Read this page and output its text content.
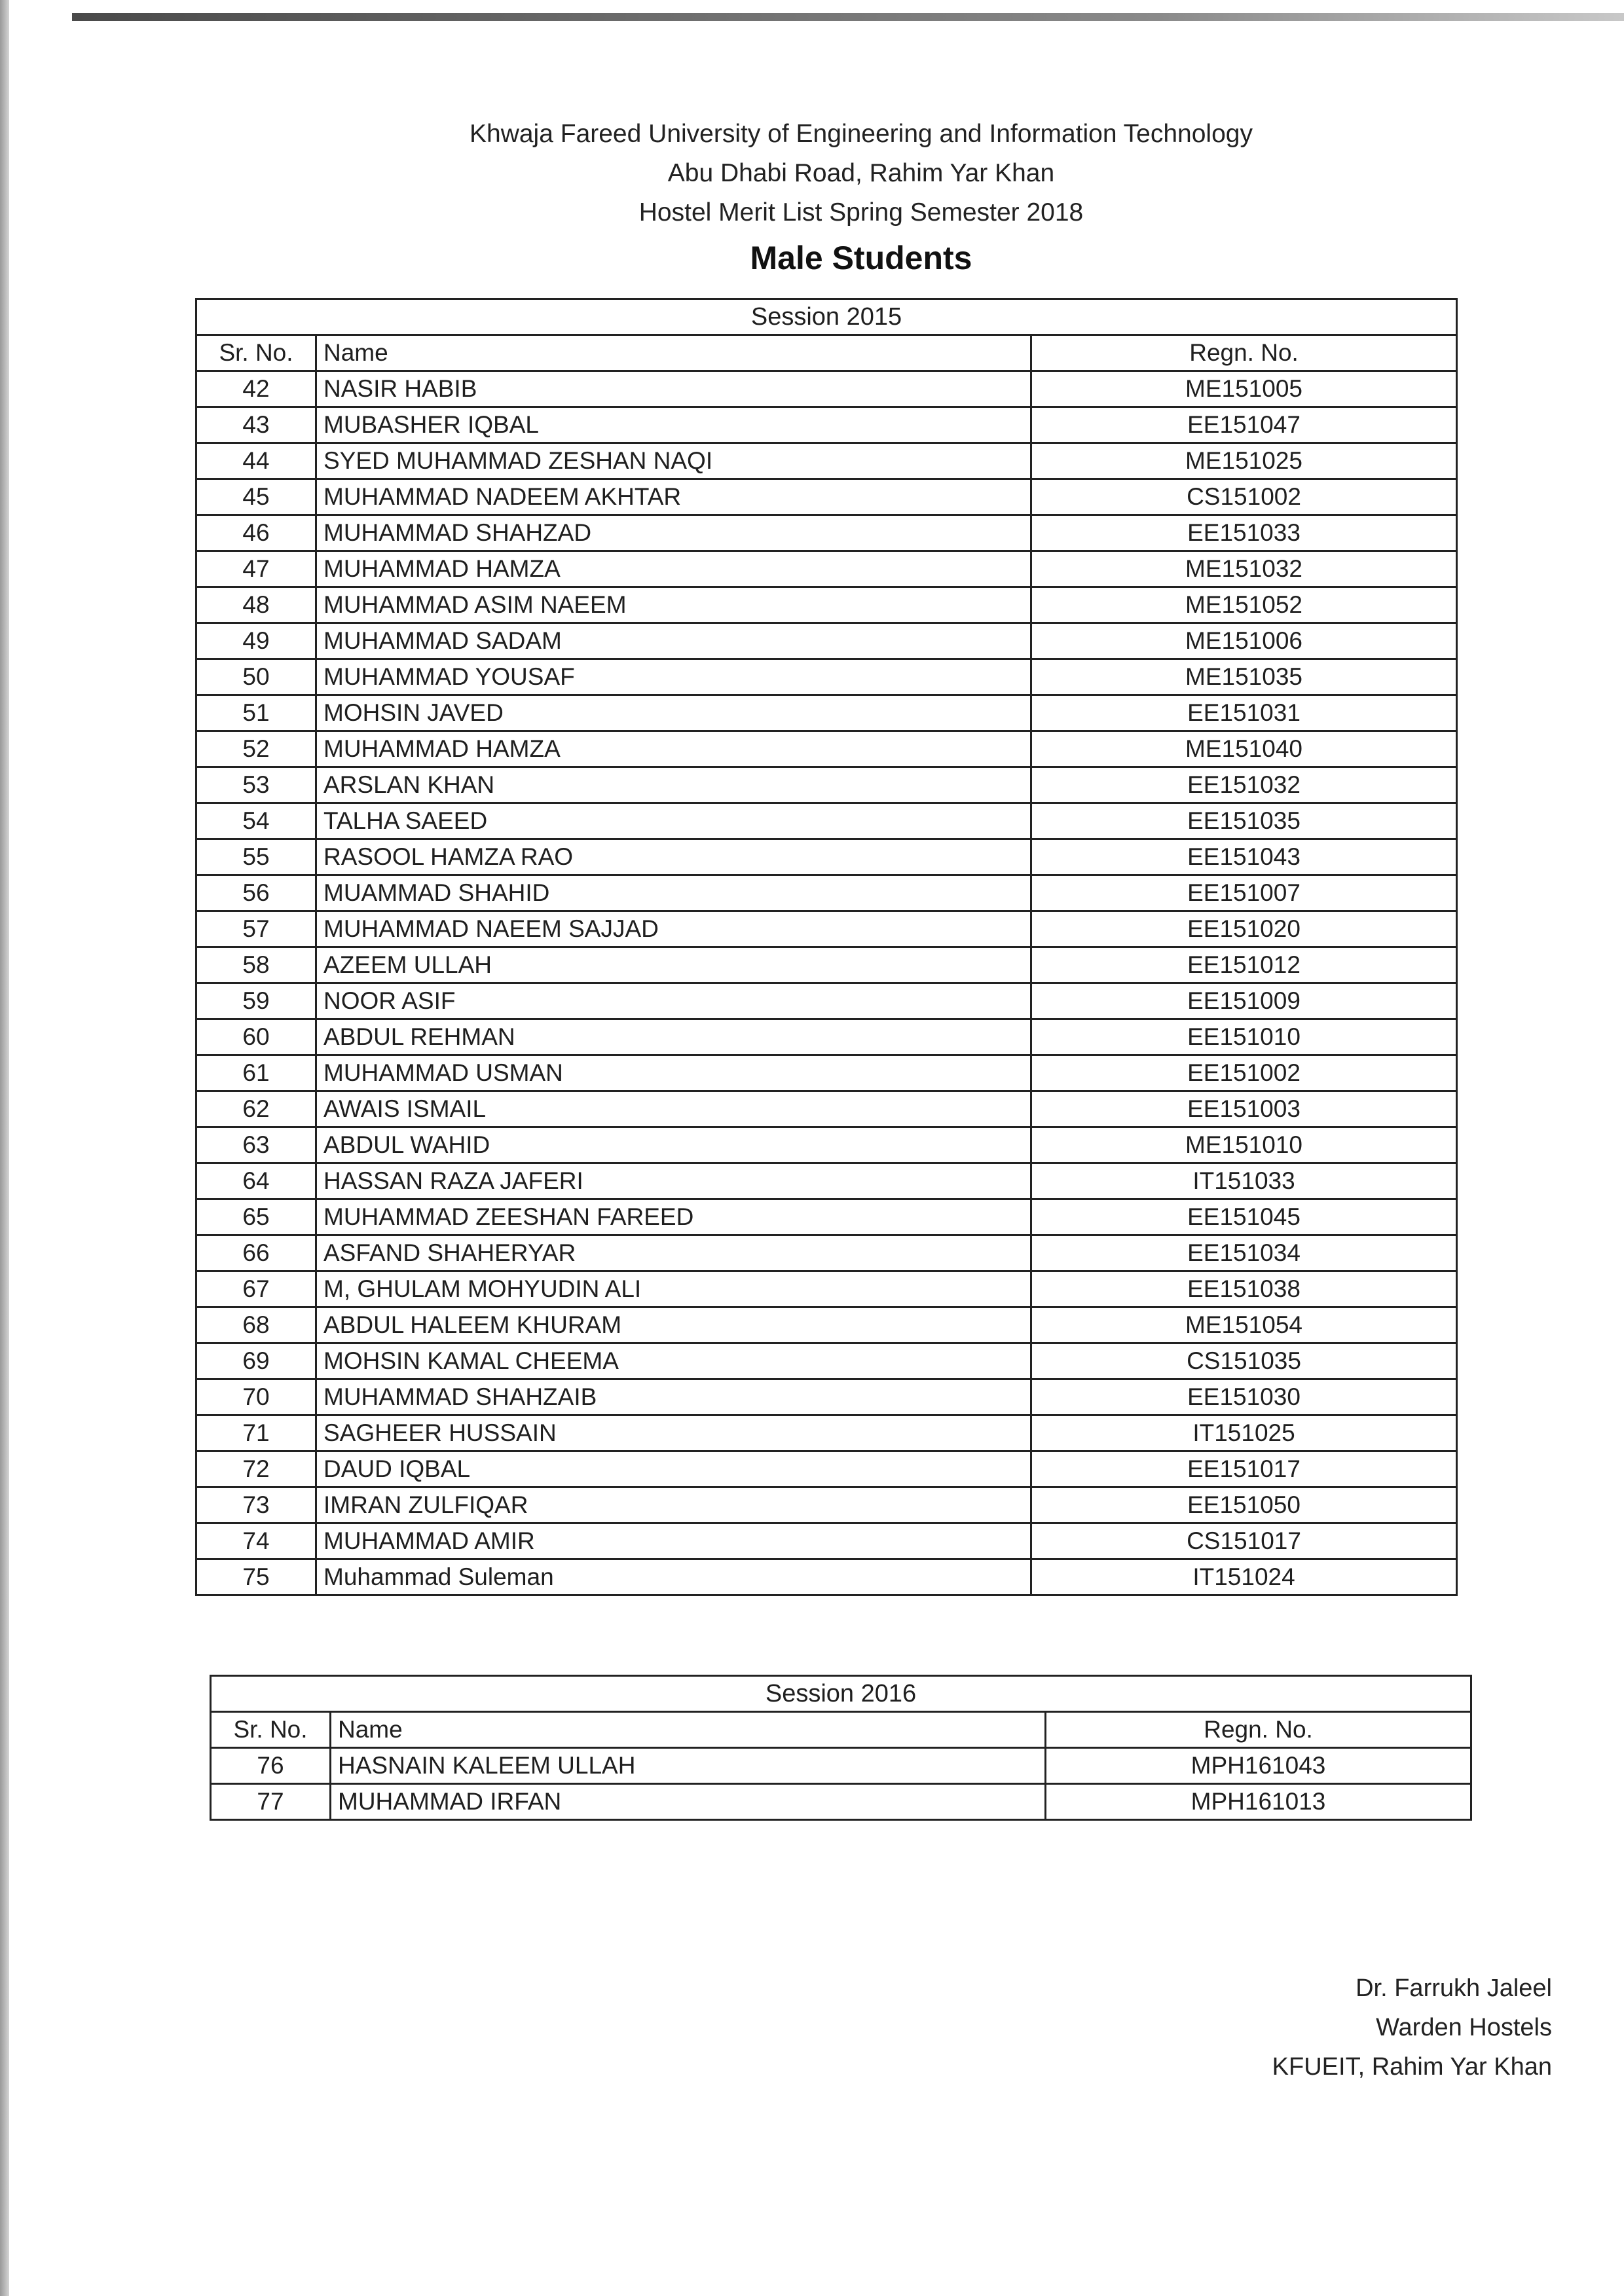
Khwaja Fareed University of Engineering and Information Technology
Abu Dhabi Road, Rahim Yar Khan
Hostel Merit List Spring Semester 2018
Male Students
Session 2015		
Sr. No.	Name	Regn. No.
42	NASIR HABIB	ME151005
43	MUBASHER IQBAL	EE151047
44	SYED MUHAMMAD ZESHAN NAQI	ME151025
45	MUHAMMAD NADEEM AKHTAR	CS151002
46	MUHAMMAD SHAHZAD	EE151033
47	MUHAMMAD HAMZA	ME151032
48	MUHAMMAD ASIM NAEEM	ME151052
49	MUHAMMAD SADAM	ME151006
50	MUHAMMAD YOUSAF	ME151035
51	MOHSIN JAVED	EE151031
52	MUHAMMAD HAMZA	ME151040
53	ARSLAN KHAN	EE151032
54	TALHA SAEED	EE151035
55	RASOOL HAMZA RAO	EE151043
56	MUAMMAD SHAHID	EE151007
57	MUHAMMAD NAEEM SAJJAD	EE151020
58	AZEEM ULLAH	EE151012
59	NOOR ASIF	EE151009
60	ABDUL REHMAN	EE151010
61	MUHAMMAD USMAN	EE151002
62	AWAIS ISMAIL	EE151003
63	ABDUL WAHID	ME151010
64	HASSAN RAZA JAFERI	IT151033
65	MUHAMMAD ZEESHAN FAREED	EE151045
66	ASFAND SHAHERYAR	EE151034
67	M, GHULAM MOHYUDIN ALI	EE151038
68	ABDUL HALEEM KHURAM	ME151054
69	MOHSIN KAMAL CHEEMA	CS151035
70	MUHAMMAD SHAHZAIB	EE151030
71	SAGHEER HUSSAIN	IT151025
72	DAUD IQBAL	EE151017
73	IMRAN ZULFIQAR	EE151050
74	MUHAMMAD AMIR	CS151017
75	Muhammad Suleman	IT151024
Session 2016		
Sr. No.	Name	Regn. No.
76	HASNAIN KALEEM ULLAH	MPH161043
77	MUHAMMAD IRFAN	MPH161013
Dr. Farrukh Jaleel
Warden Hostels
KFUEIT, Rahim Yar Khan
